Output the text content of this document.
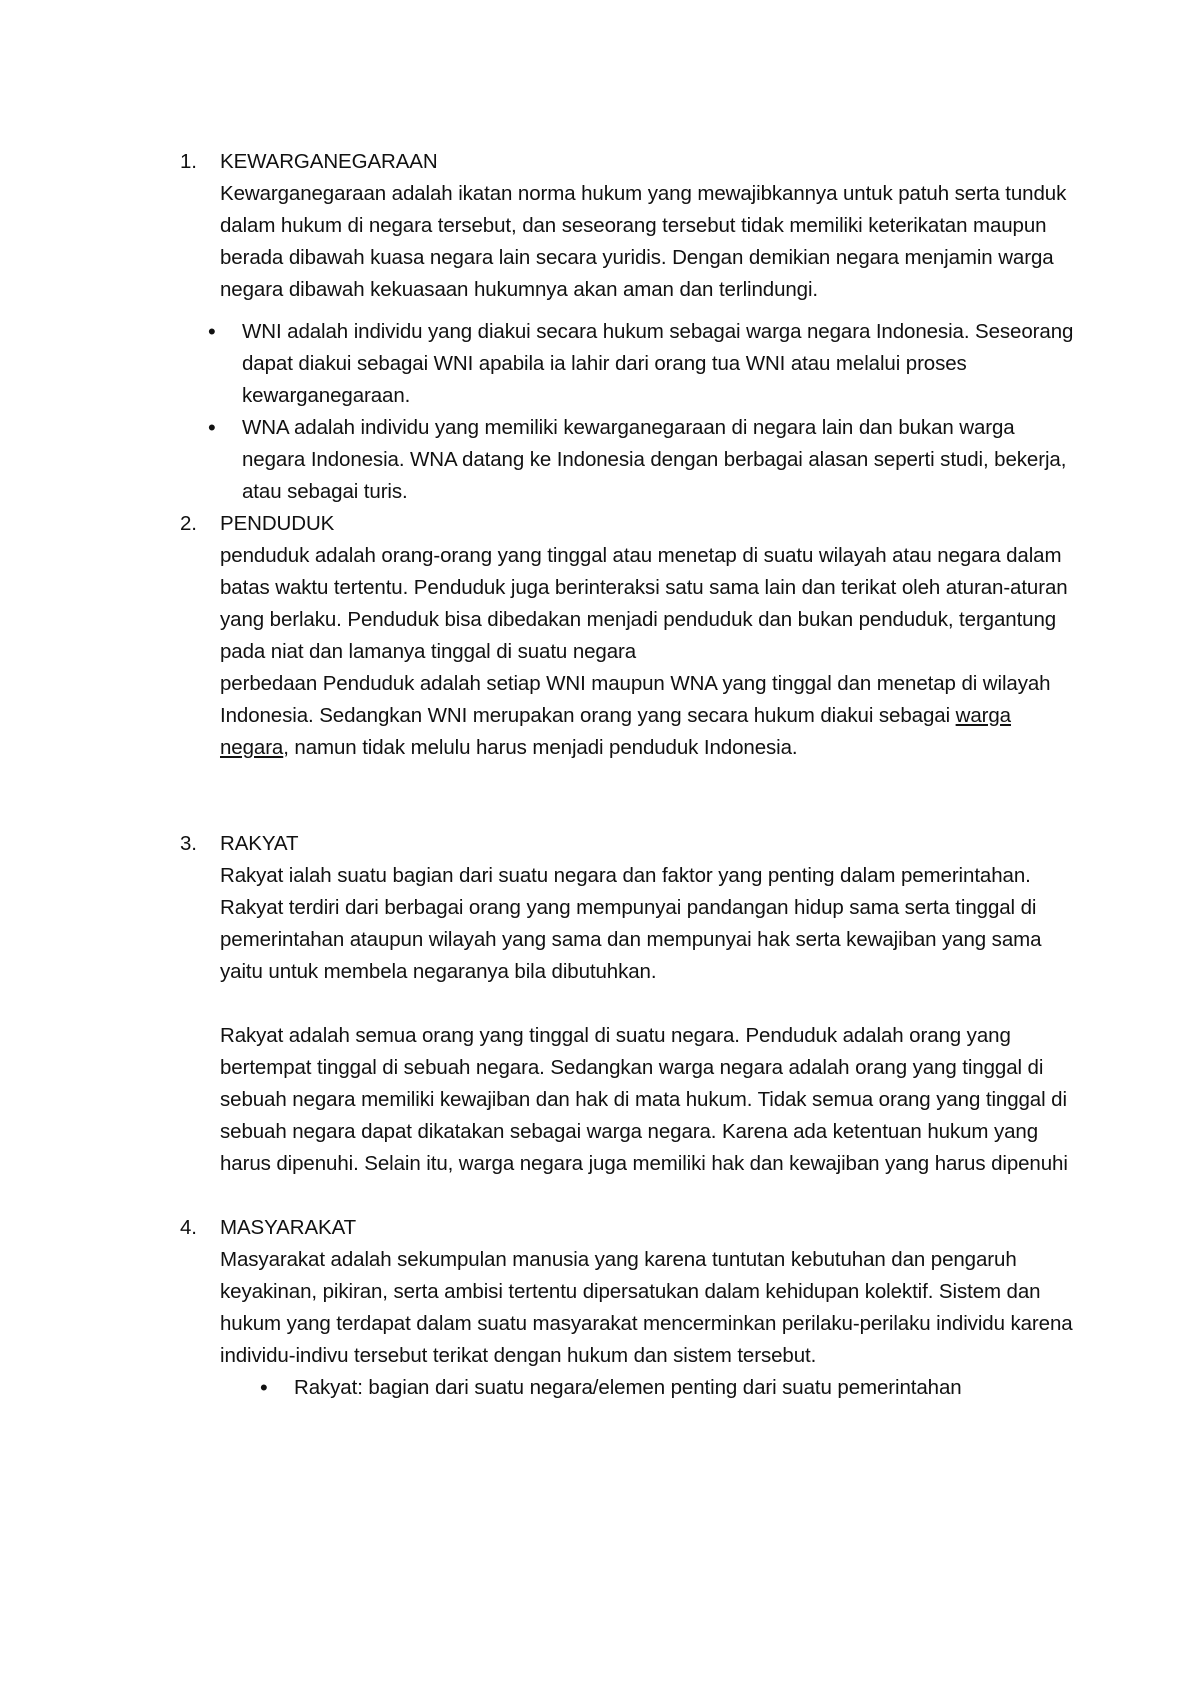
1.	KEWARGANEGARAAN
Kewarganegaraan adalah ikatan norma hukum yang mewajibkannya untuk patuh serta tunduk dalam hukum di negara tersebut, dan seseorang tersebut tidak memiliki keterikatan maupun berada dibawah kuasa negara lain secara yuridis. Dengan demikian negara menjamin warga negara dibawah kekuasaan hukumnya akan aman dan terlindungi.
•	WNI adalah individu yang diakui secara hukum sebagai warga negara Indonesia. Seseorang dapat diakui sebagai WNI apabila ia lahir dari orang tua WNI atau melalui proses kewarganegaraan.
•	WNA adalah individu yang memiliki kewarganegaraan di negara lain dan bukan warga negara Indonesia. WNA datang ke Indonesia dengan berbagai alasan seperti studi, bekerja, atau sebagai turis.
2.	PENDUDUK
penduduk adalah orang-orang yang tinggal atau menetap di suatu wilayah atau negara dalam batas waktu tertentu. Penduduk juga berinteraksi satu sama lain dan terikat oleh aturan-aturan yang berlaku. Penduduk bisa dibedakan menjadi penduduk dan bukan penduduk, tergantung pada niat dan lamanya tinggal di suatu negara
perbedaan Penduduk adalah setiap WNI maupun WNA yang tinggal dan menetap di wilayah Indonesia. Sedangkan WNI merupakan orang yang secara hukum diakui sebagai warga negara, namun tidak melulu harus menjadi penduduk Indonesia.
3.	RAKYAT
Rakyat ialah suatu bagian dari suatu negara dan faktor yang penting dalam pemerintahan. Rakyat terdiri dari berbagai orang yang mempunyai pandangan hidup sama serta tinggal di pemerintahan ataupun wilayah yang sama dan mempunyai hak serta kewajiban yang sama yaitu untuk membela negaranya bila dibutuhkan.
Rakyat adalah semua orang yang tinggal di suatu negara. Penduduk adalah orang yang bertempat tinggal di sebuah negara. Sedangkan warga negara adalah orang yang tinggal di sebuah negara memiliki kewajiban dan hak di mata hukum. Tidak semua orang yang tinggal di sebuah negara dapat dikatakan sebagai warga negara. Karena ada ketentuan hukum yang harus dipenuhi. Selain itu, warga negara juga memiliki hak dan kewajiban yang harus dipenuhi
4.	MASYARAKAT
Masyarakat adalah sekumpulan manusia yang karena tuntutan kebutuhan dan pengaruh keyakinan, pikiran, serta ambisi tertentu dipersatukan dalam kehidupan kolektif. Sistem dan hukum yang terdapat dalam suatu masyarakat mencerminkan perilaku-perilaku individu karena individu-indivu tersebut terikat dengan hukum dan sistem tersebut.
•	Rakyat: bagian dari suatu negara/elemen penting dari suatu pemerintahan
